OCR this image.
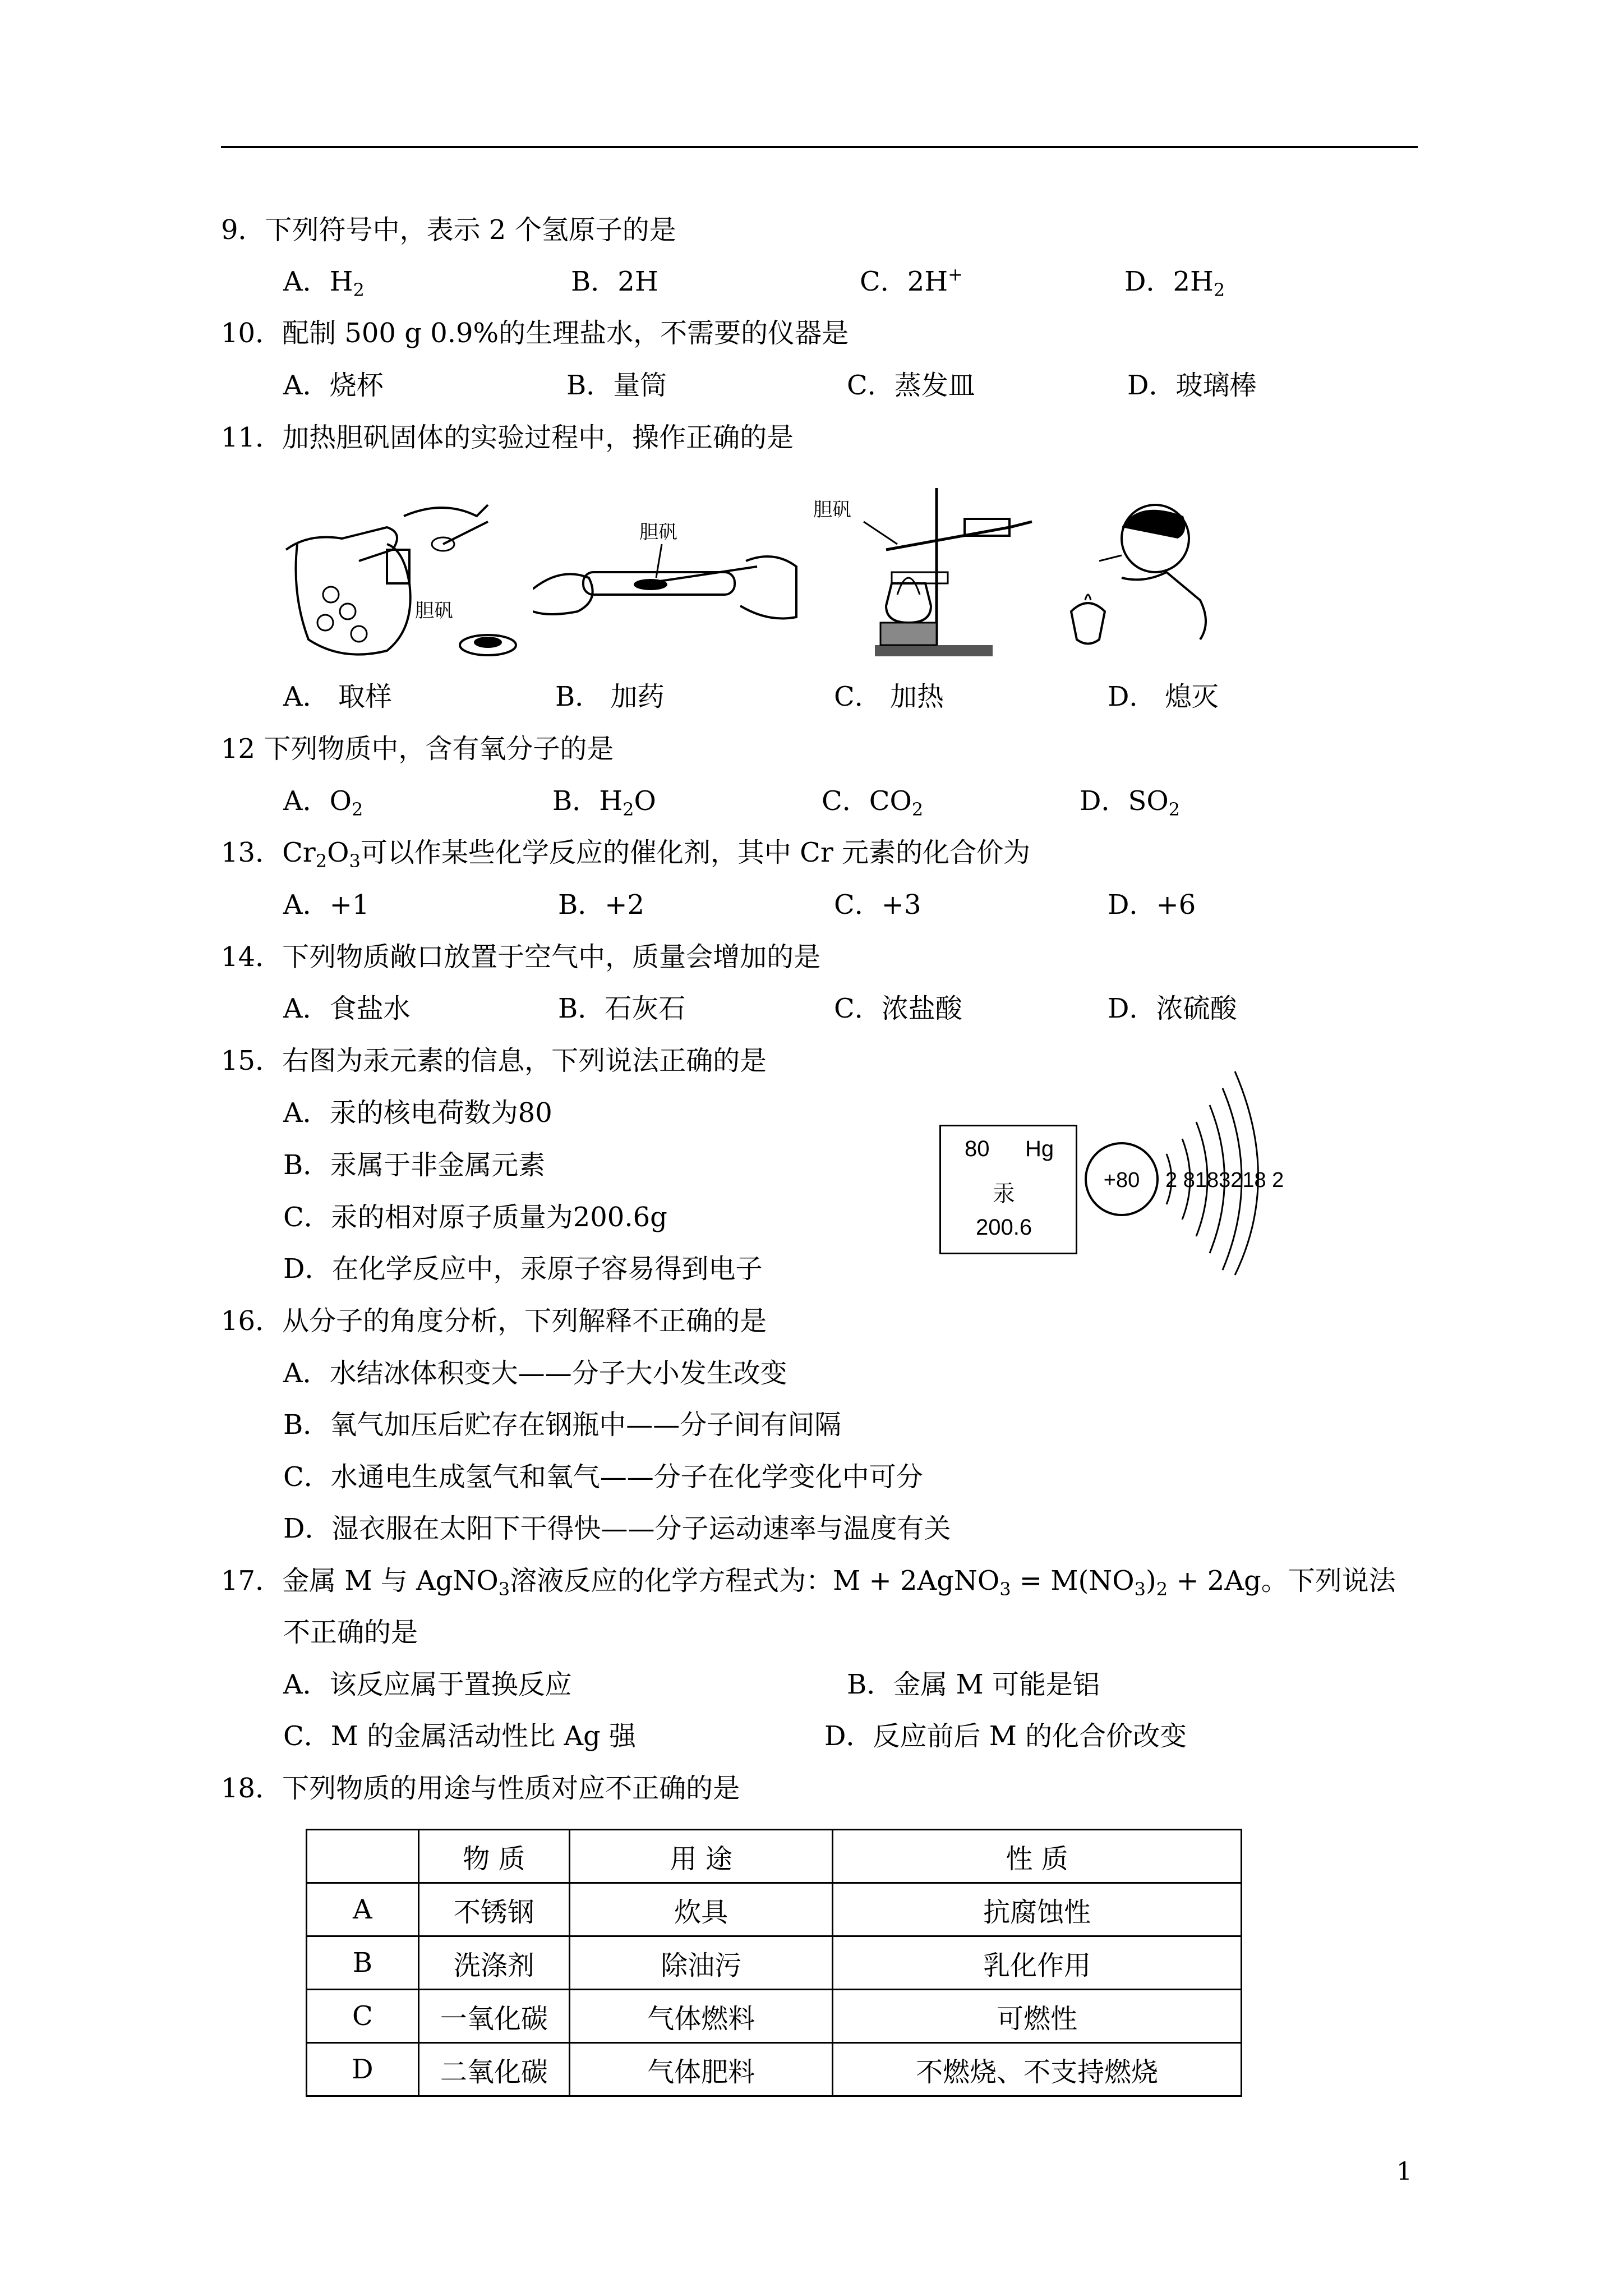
9．下列符号中，表示 2 个氢原子的是
A．$H_2$	B．2H	C．2H+	D．$2H_2$
10．配制 500 g 0.9%的生理盐水，不需要的仪器是
A．烧杯	B．量筒	C．蒸发皿	D．玻璃棒
11．加热胆矾固体的实验过程中，操作正确的是
胆矾
胆矾
胆矾
A． 取样	B． 加药	C． 加热	D． 熄灭
12 下列物质中，含有氧分子的是
A．$O_2$	B．$H_2O$	C．$CO_2$	D．$SO_2$
13．$Cr_2O_3$可以作某些化学反应的催化剂，其中 Cr 元素的化合价为
A．+1	B．+2	C．+3	D．+6
14．下列物质敞口放置于空气中，质量会增加的是
A．食盐水	B．石灰石	C．浓盐酸	D．浓硫酸
15．右图为汞元素的信息，下列说法正确的是
A．汞的核电荷数为80
B．汞属于非金属元素
C．汞的相对原子质量为200.6g
D．在化学反应中，汞原子容易得到电子
80 Hg
汞
200.6
+80 2 8183218 2
16．从分子的角度分析，下列解释不正确的是
A．水结冰体积变大——分子大小发生改变
B．氧气加压后贮存在钢瓶中——分子间有间隔
C．水通电生成氢气和氧气——分子在化学变化中可分
D．湿衣服在太阳下干得快——分子运动速率与温度有关
17．金属 M 与 AgNO$_3$溶液反应的化学方程式为：M + 2AgNO$_3$ = $M(NO_3)_2 + 2Ag$。下列说法
不正确的是
A．该反应属于置换反应	B．金属 M 可能是铝
C．M 的金属活动性比 Ag 强	D．反应前后 M 的化合价改变
18．下列物质的用途与性质对应不正确的是
	物 质	用 途	性 质
A	不锈钢	炊具	抗腐蚀性
B	洗涤剂	除油污	乳化作用
C	一氧化碳	气体燃料	可燃性
D	二氧化碳	气体肥料	不燃烧、不支持燃烧
1
